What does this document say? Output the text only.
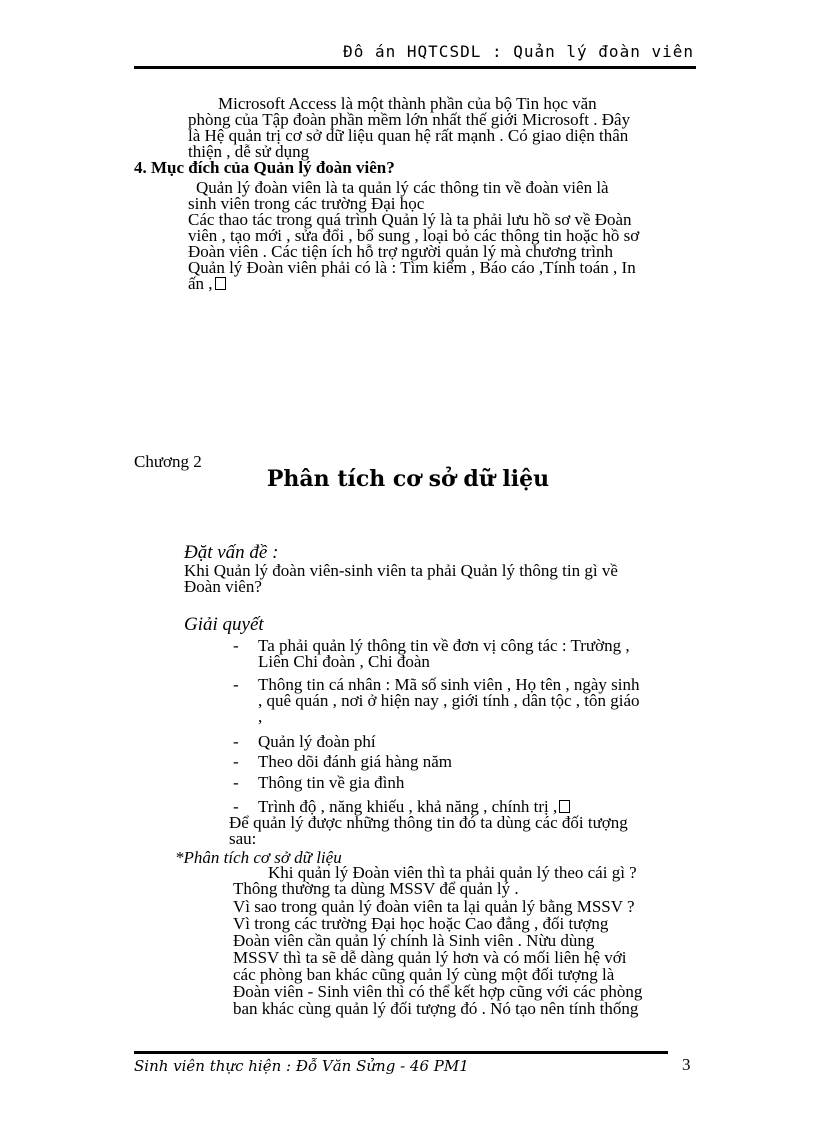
Đô án HQTCSDL : Quản lý đoàn viên
Microsoft Access là một thành phần của bộ Tin học văn
phòng của Tập đoàn phần mềm lớn nhất thế giới Microsoft . Đây
là Hệ quản trị cơ sở dữ liệu quan hệ rất mạnh . Có giao diện thân
thiện , dễ sử dụng
4. Mục đích của Quản lý đoàn viên?
Quản lý đoàn viên là ta quản lý các thông tin về đoàn viên là
sinh viên trong các trường Đại học
Các thao tác trong quá trình Quản lý là ta phải lưu hồ sơ về Đoàn
viên , tạo mới , sửa đổi , bổ sung , loại bỏ các thông tin hoặc hồ sơ
Đoàn viên . Các tiện ích hỗ trợ người quản lý mà chương trình
Quản lý Đoàn viên phải có là : Tìm kiếm , Báo cáo ,Tính toán , In
ấn ,
Chương 2
Phân tích cơ sở dữ liệu
Đặt vấn đề :
Khi Quản lý đoàn viên-sinh viên ta phải Quản lý thông tin gì về
Đoàn viên?
Giải quyết
- Ta phải quản lý thông tin về đơn vị công tác : Trường ,
Liên Chi đoàn , Chi đoàn
- Thông tin cá nhân : Mã số sinh viên , Họ tên , ngày sinh
, quê quán , nơi ở hiện nay , giới tính , dân tộc , tôn giáo
,
- Quản lý đoàn phí
- Theo dõi đánh giá hàng năm
- Thông tin về gia đình
- Trình độ , năng khiếu , khả năng , chính trị ,
Để quản lý được những thông tin đó ta dùng các đối tượng
sau:
*Phân tích cơ sở dữ liệu
Khi quản lý Đoàn viên thì ta phải quản lý theo cái gì ?
Thông thường ta dùng MSSV để quản lý .
Vì sao trong quản lý đoàn viên ta lại quản lý bằng MSSV ?
Vì trong các trường Đại học hoặc Cao đẳng , đối tượng
Đoàn viên cần quản lý chính là Sinh viên . Nừu dùng
MSSV thì ta sẽ dễ dàng quản lý hơn và có mối liên hệ với
các phòng ban khác cũng quản lý cùng một đối tượng là
Đoàn viên - Sinh viên thì có thể kết hợp cũng với các phòng
ban khác cùng quản lý đối tượng đó . Nó tạo nên tính thống
Sinh viên thực hiện : Đỗ Văn Sửng - 46 PM1	3
